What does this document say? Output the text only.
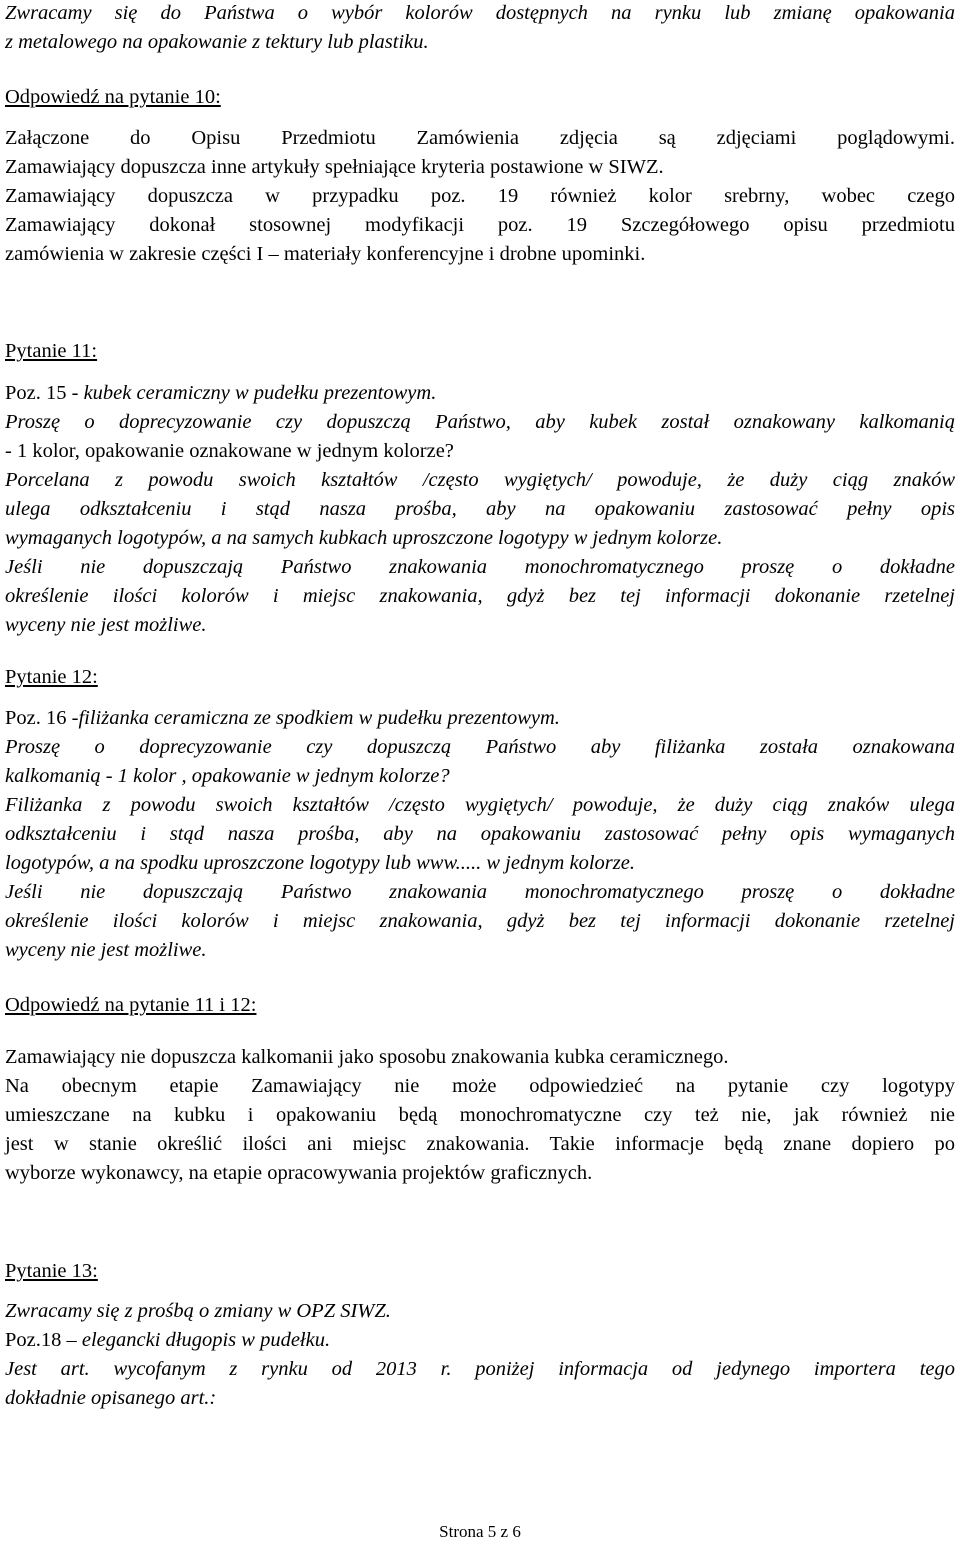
Zwracamy się do Państwa o wybór kolorów dostępnych na rynku lub zmianę opakowania
z metalowego na opakowanie z tektury lub plastiku.
Odpowiedź na pytanie 10:
Załączone do Opisu Przedmiotu Zamówienia zdjęcia są zdjęciami poglądowymi.
Zamawiający dopuszcza inne artykuły spełniające kryteria postawione w SIWZ.
Zamawiający dopuszcza w przypadku poz. 19 również kolor srebrny, wobec czego
Zamawiający dokonał stosownej modyfikacji poz. 19 Szczegółowego opisu przedmiotu
zamówienia w zakresie części I – materiały konferencyjne i drobne upominki.
Pytanie 11:
Poz. 15 - kubek ceramiczny w pudełku prezentowym.
Proszę o doprecyzowanie czy dopuszczą Państwo, aby kubek został oznakowany kalkomanią
- 1 kolor, opakowanie oznakowane w jednym kolorze?
Porcelana z powodu swoich kształtów /często wygiętych/ powoduje, że duży ciąg znaków
ulega odkształceniu i stąd nasza prośba, aby na opakowaniu zastosować pełny opis
wymaganych logotypów, a na samych kubkach uproszczone logotypy w jednym kolorze.
Jeśli nie dopuszczają Państwo znakowania monochromatycznego proszę o dokładne
określenie ilości kolorów i miejsc znakowania, gdyż bez tej informacji dokonanie rzetelnej
wyceny nie jest możliwe.
Pytanie 12:
Poz. 16 -filiżanka ceramiczna ze spodkiem w pudełku prezentowym.
Proszę o doprecyzowanie czy dopuszczą Państwo aby filiżanka została oznakowana
kalkomanią - 1 kolor , opakowanie w jednym kolorze?
Filiżanka z powodu swoich kształtów /często wygiętych/ powoduje, że duży ciąg znaków ulega
odkształceniu i stąd nasza prośba, aby na opakowaniu zastosować pełny opis wymaganych
logotypów, a na spodku uproszczone logotypy lub www..... w jednym kolorze.
Jeśli nie dopuszczają Państwo znakowania monochromatycznego proszę o dokładne
określenie ilości kolorów i miejsc znakowania, gdyż bez tej informacji dokonanie rzetelnej
wyceny nie jest możliwe.
Odpowiedź na pytanie 11 i 12:
Zamawiający nie dopuszcza kalkomanii jako sposobu znakowania kubka ceramicznego.
Na obecnym etapie Zamawiający nie może odpowiedzieć na pytanie czy logotypy
umieszczane na kubku i opakowaniu będą monochromatyczne czy też nie, jak również nie
jest w stanie określić ilości ani miejsc znakowania. Takie informacje będą znane dopiero po
wyborze wykonawcy, na etapie opracowywania projektów graficznych.
Pytanie 13:
Zwracamy się z prośbą o zmiany w OPZ SIWZ.
Poz.18 – elegancki długopis w pudełku.
Jest art. wycofanym z rynku od 2013 r. poniżej informacja od jedynego importera tego
dokładnie opisanego art.:
Strona 5 z 6
